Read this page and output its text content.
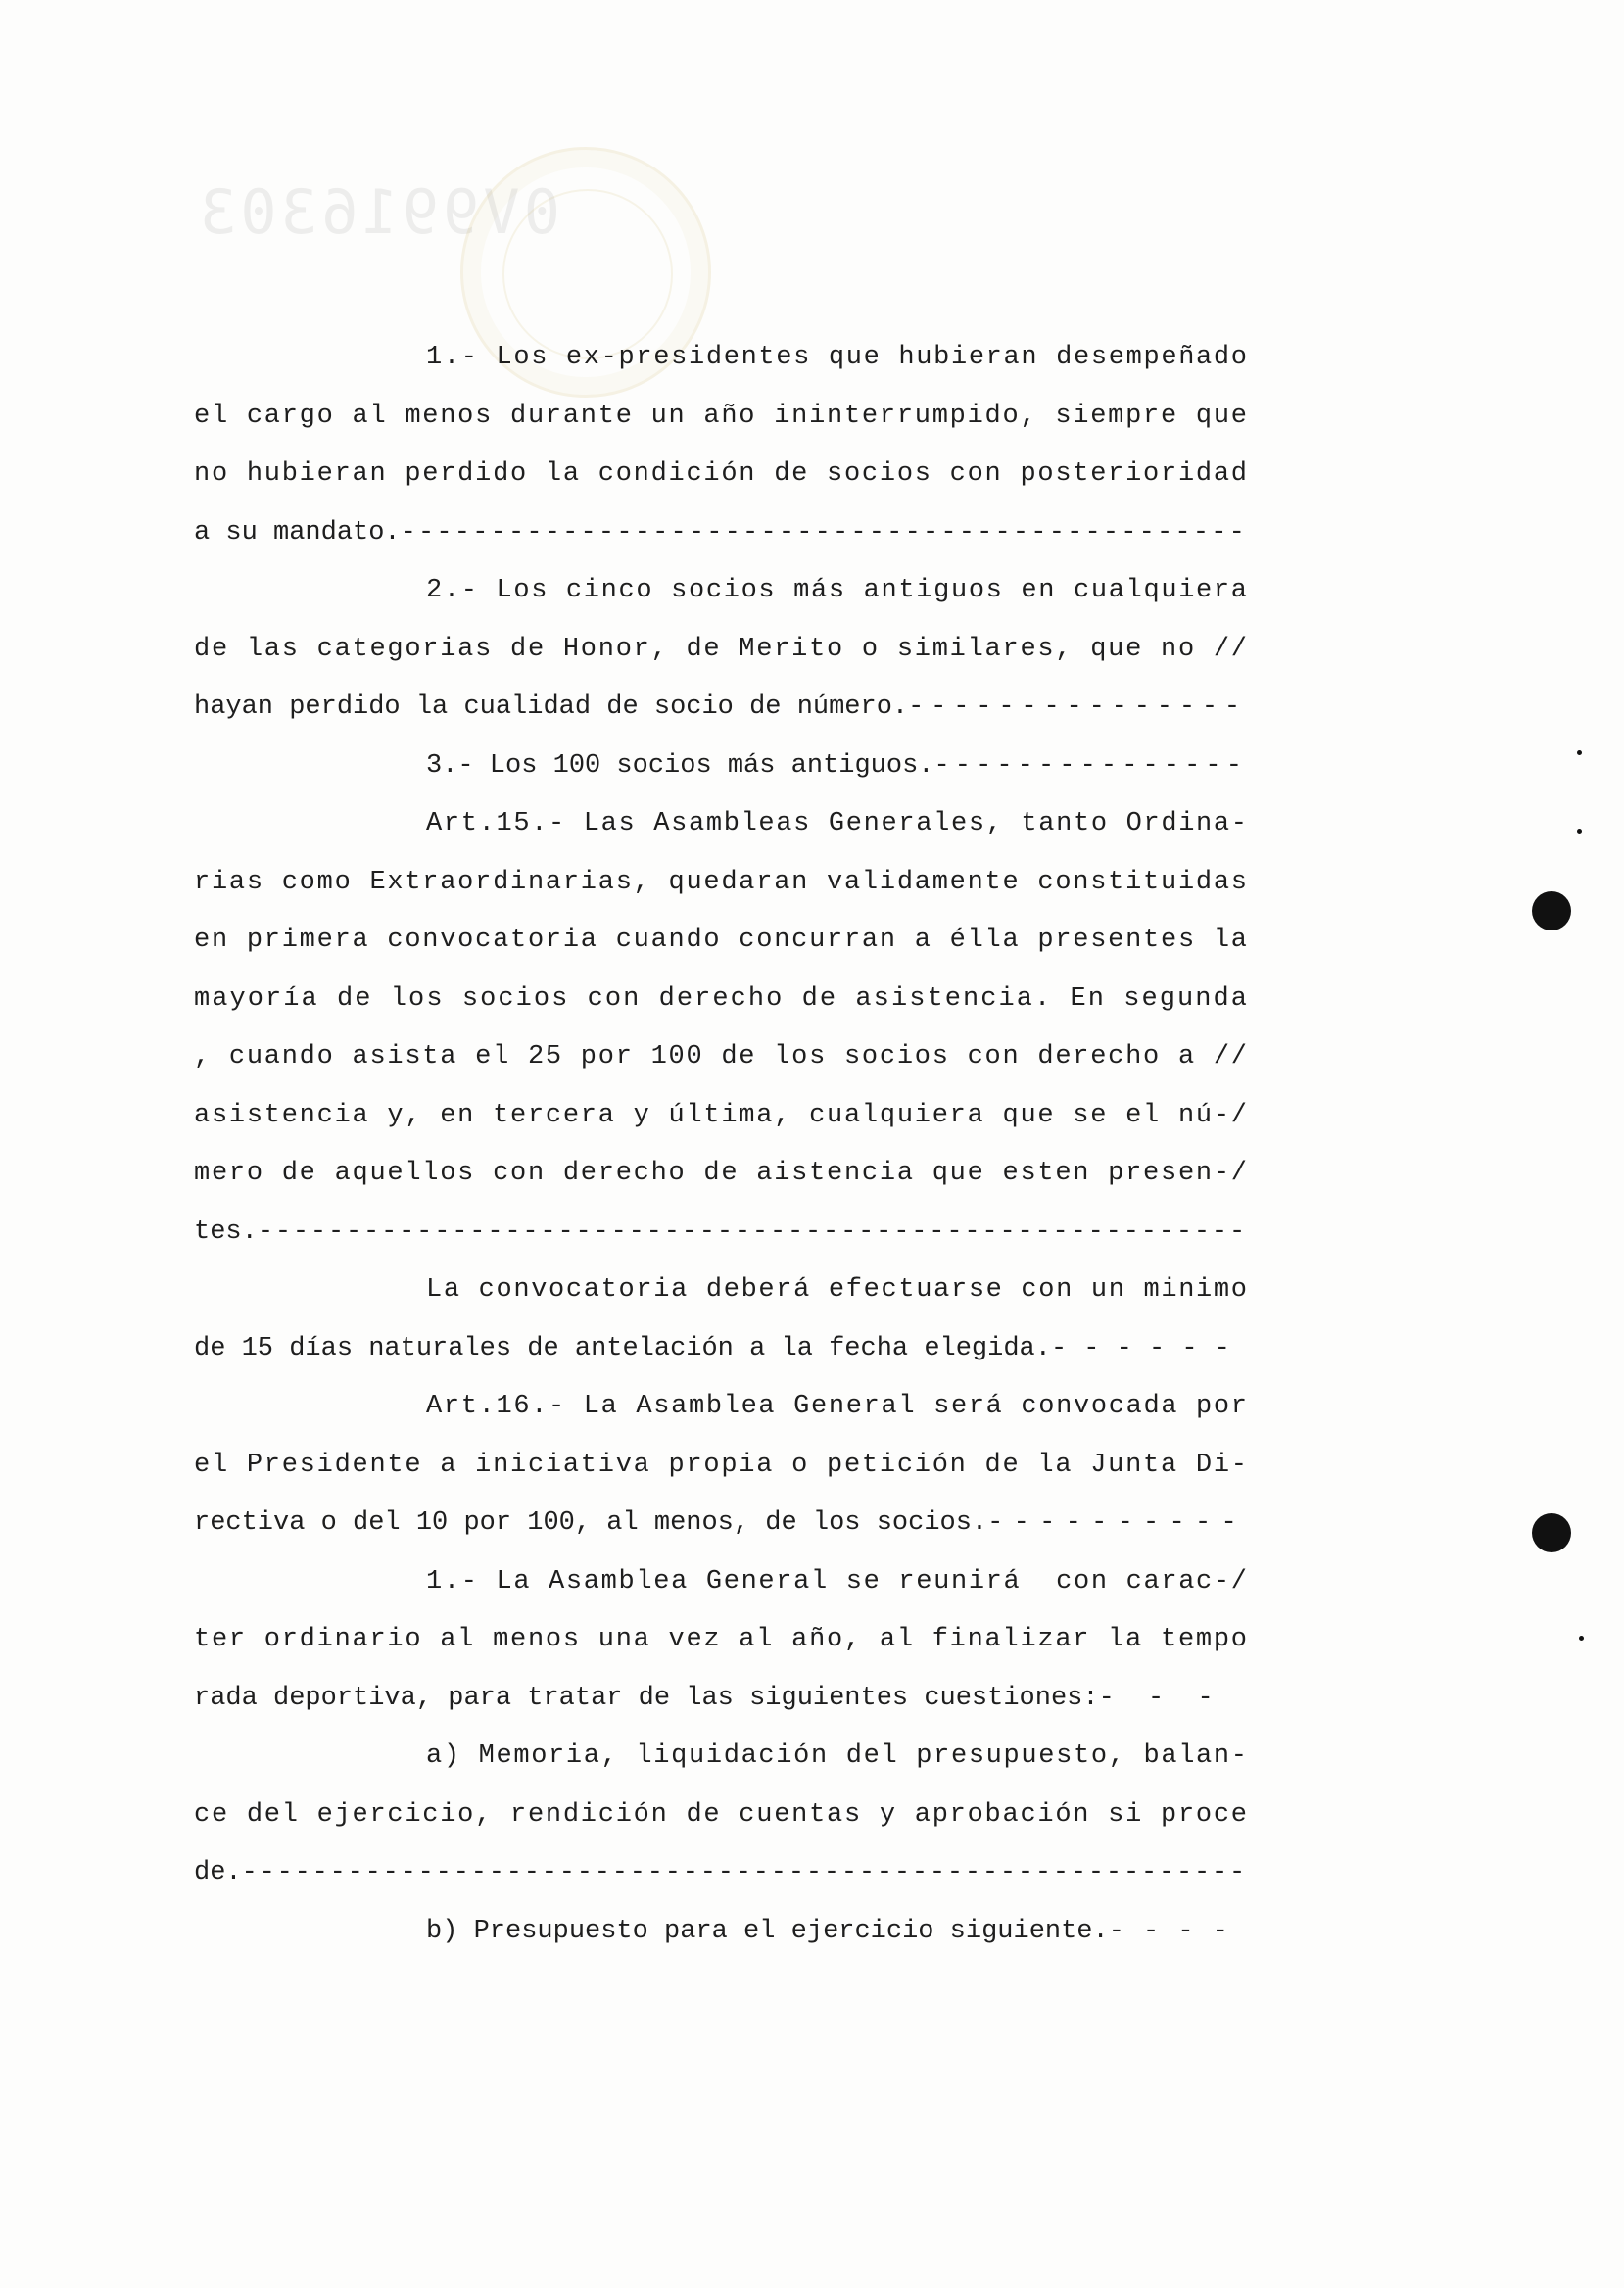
0V9916303
1.- Los ex-presidentes que hubieran desempeñado
el cargo al menos durante un año ininterrumpido, siempre que
no hubieran perdido la condición de socios con posterioridad
a su mandato.-----------------------------------------------
2.- Los cinco socios más antiguos en cualquiera
de las categorias de Honor, de Merito o similares, que no //
hayan perdido la cualidad de socio de número.---------------
3.- Los 100 socios más antiguos.---------------
Art.15.- Las Asambleas Generales, tanto Ordina-
rias como Extraordinarias, quedaran validamente constituidas
en primera convocatoria cuando concurran a élla presentes la
mayoría de los socios con derecho de asistencia. En segunda
, cuando asista el 25 por 100 de los socios con derecho a //
asistencia y, en tercera y última, cualquiera que se el nú-/
mero de aquellos con derecho de aistencia que esten presen-/
tes.--------------------------------------------------------
La convocatoria deberá efectuarse con un minimo
de 15 días naturales de antelación a la fecha elegida.------
Art.16.- La Asamblea General será convocada por
el Presidente a iniciativa propia o petición de la Junta Di-
rectiva o del 10 por 100, al menos, de los socios.----------
1.- La Asamblea General se reunirá  con carac-/
ter ordinario al menos una vez al año, al finalizar la tempo
rada deportiva, para tratar de las siguientes cuestiones:---
a) Memoria, liquidación del presupuesto, balan-
ce del ejercicio, rendición de cuentas y aprobación si proce
de.---------------------------------------------------------
b) Presupuesto para el ejercicio siguiente.----
